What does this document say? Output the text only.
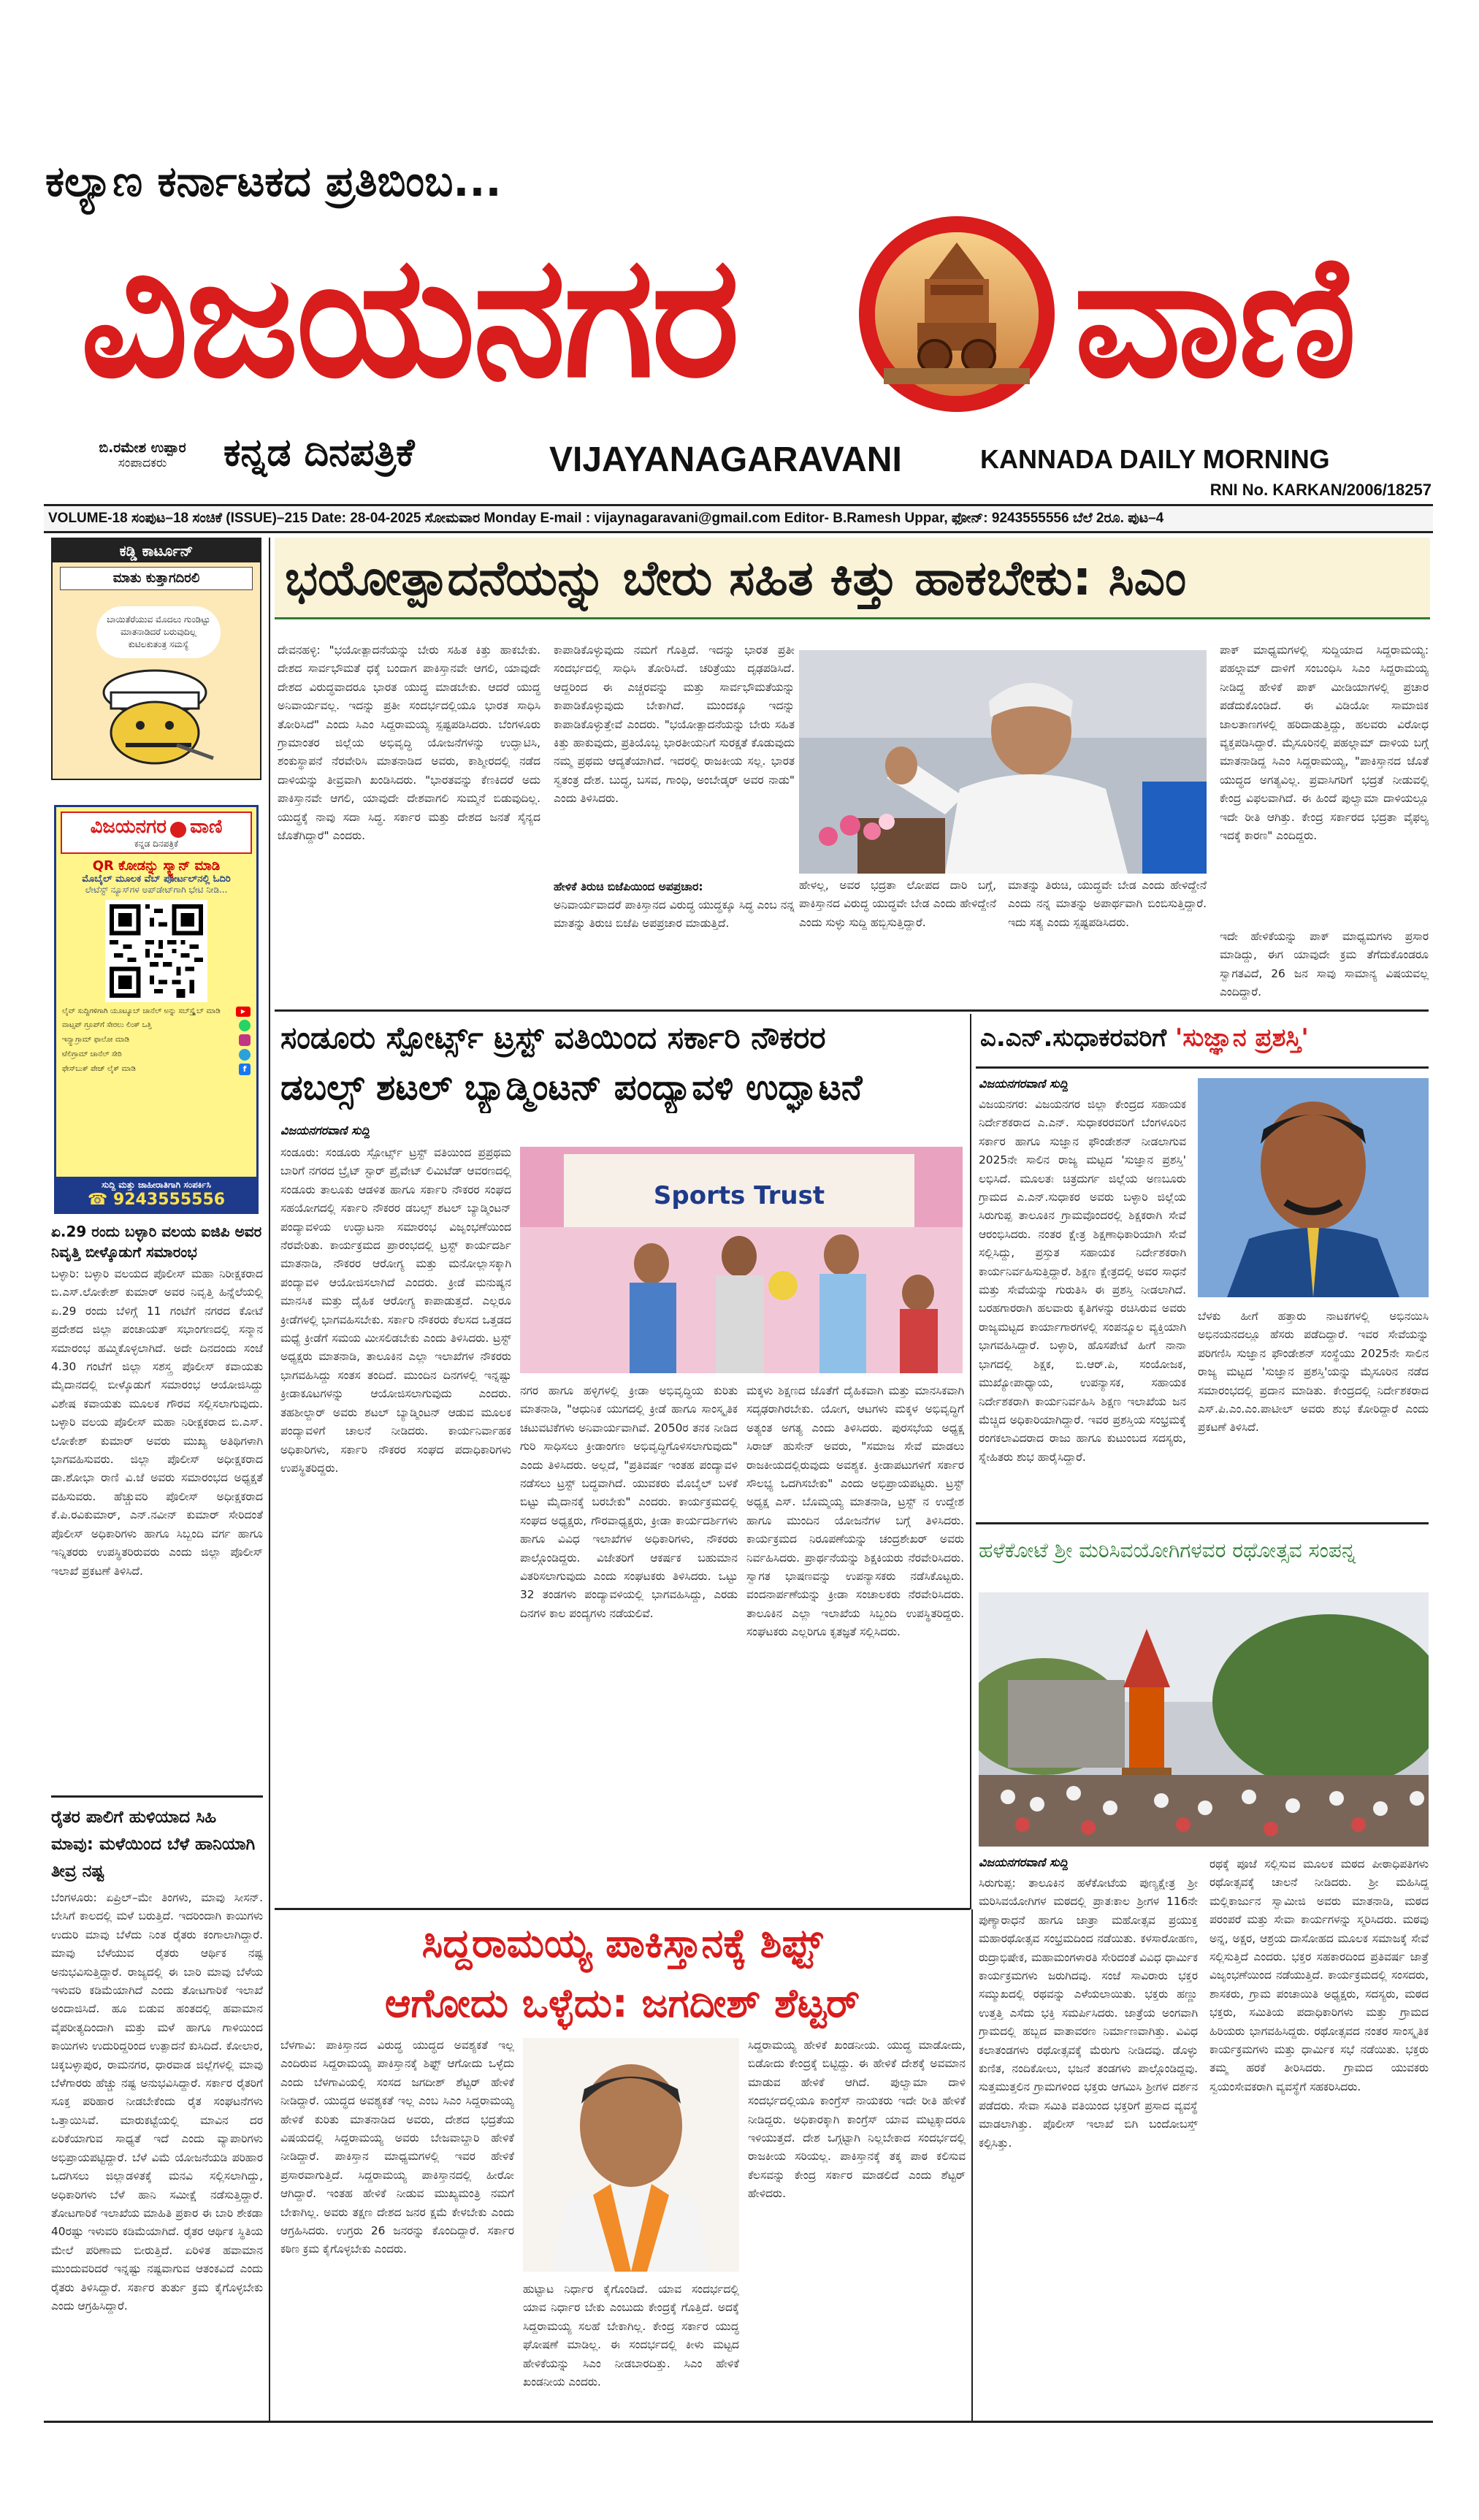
ಕಲ್ಯಾಣ ಕರ್ನಾಟಕದ ಪ್ರತಿಬಿಂಬ...
ವಿಜಯನಗರ ವಾಣಿ
ಬಿ.ರಮೇಶ ಉಪ್ಪಾರ
ಸಂಪಾದಕರು	ಕನ್ನಡ ದಿನಪತ್ರಿಕೆ	VIJAYANAGARAVANI	KANNADA DAILY MORNING
RNI No. KARKAN/2006/18257
VOLUME-18 ಸಂಪುಟ–18 ಸಂಚಿಕೆ (ISSUE)–215 Date: 28-04-2025 ಸೋಮವಾರ Monday E-mail : vijaynagaravani@gmail.com Editor- B.Ramesh Uppar, ಫೋನ್: 9243555556 ಬೆಲೆ 2ರೂ. ಪುಟ–4
ಕಡ್ಡಿ ಕಾರ್ಟೂನ್
ಮಾತು ಕುತ್ತಾಗದಿರಲಿ
ಬಾಯಿತೆರೆಯುವ ಮೊದಲು ಗುಂಡಿಟ್ಟು ಮಾತನಾಡಿದರೆ ಬರುವುದಿಲ್ಲ ಕುಟಿಲಕುತಂತ್ರ ಸಮಸ್ಯೆ
ವಿಜಯನಗರ ವಾಣಿ
ಕನ್ನಡ ದಿನಪತ್ರಿಕೆ
QR ಕೋಡನ್ನು ಸ್ಕ್ಯಾನ್ ಮಾಡಿ
ಮೊಬೈಲ್ ಮೂಲಕ ವೆಬ್ ಪೋರ್ಟಲ್‌ನಲ್ಲಿ ಓದಿರಿ
ಲೇಟೆಸ್ಟ್ ನ್ಯೂಸ್‌ಗಳ ಅಪ್‌ಡೇಟ್‌ಗಾಗಿ ಭೇಟಿ ನೀಡಿ...
ಲೈವ್ ಸುದ್ದಿಗಳಿಗಾಗಿ ಯೂಟ್ಯೂಬ್ ಚಾನೆಲ್ ಅನ್ನು ಸಬ್‌ಸ್ಕ್ರೈಬ್ ಮಾಡಿ	▶
ವಾಟ್ಸಪ್ ಗ್ರೂಪ್‌ಗೆ ಸೇರಲು ಲಿಂಕ್ ಒತ್ತಿ
ಇನ್ಸ್ಟಾಗ್ರಾಮ್ ಫಾಲೋ ಮಾಡಿ
ಟೆಲಿಗ್ರಾಮ್ ಚಾನೆಲ್ ಸೇರಿ
ಫೇಸ್‌ಬುಕ್ ಪೇಜ್ ಲೈಕ್ ಮಾಡಿ	f
ಸುದ್ದಿ ಮತ್ತು ಜಾಹೀರಾತಿಗಾಗಿ ಸಂಪರ್ಕಿಸಿ
☎ 9243555556
ಏ.29 ರಂದು ಬಳ್ಳಾರಿ ವಲಯ ಐಜಿಪಿ ಅವರ ನಿವೃತ್ತಿ ಬೀಳ್ಕೊಡುಗೆ ಸಮಾರಂಭ
ಬಳ್ಳಾರಿ: ಬಳ್ಳಾರಿ ವಲಯದ ಪೊಲೀಸ್ ಮಹಾ ನಿರೀಕ್ಷಕರಾದ ಬಿ.ಎಸ್.ಲೋಕೇಶ್ ಕುಮಾರ್ ಅವರ ನಿವೃತ್ತಿ ಹಿನ್ನೆಲೆಯಲ್ಲಿ ಏ.29 ರಂದು ಬೆಳಿಗ್ಗೆ 11 ಗಂಟೆಗೆ ನಗರದ ಕೋಟೆ ಪ್ರದೇಶದ ಜಿಲ್ಲಾ ಪಂಚಾಯತ್ ಸಭಾಂಗಣದಲ್ಲಿ ಸನ್ಮಾನ ಸಮಾರಂಭ ಹಮ್ಮಿಕೊಳ್ಳಲಾಗಿದೆ. ಅದೇ ದಿನದಂದು ಸಂಜೆ 4.30 ಗಂಟೆಗೆ ಜಿಲ್ಲಾ ಸಶಸ್ತ್ರ ಪೊಲೀಸ್ ಕವಾಯತು ಮೈದಾನದಲ್ಲಿ ಬೀಳ್ಕೊಡುಗೆ ಸಮಾರಂಭ ಆಯೋಜಿಸಿದ್ದು ವಿಶೇಷ ಕವಾಯತು ಮೂಲಕ ಗೌರವ ಸಲ್ಲಿಸಲಾಗುವುದು. ಬಳ್ಳಾರಿ ವಲಯ ಪೊಲೀಸ್ ಮಹಾ ನಿರೀಕ್ಷಕರಾದ ಬಿ.ಎಸ್. ಲೋಕೇಶ್ ಕುಮಾರ್ ಅವರು ಮುಖ್ಯ ಅತಿಥಿಗಳಾಗಿ ಭಾಗವಹಿಸುವರು. ಜಿಲ್ಲಾ ಪೊಲೀಸ್ ಅಧೀಕ್ಷಕರಾದ ಡಾ.ಶೋಭಾ ರಾಣಿ ವಿ.ಜೆ ಅವರು ಸಮಾರಂಭದ ಅಧ್ಯಕ್ಷತೆ ವಹಿಸುವರು. ಹೆಚ್ಚುವರಿ ಪೊಲೀಸ್ ಅಧೀಕ್ಷಕರಾದ ಕೆ.ಪಿ.ರವಿಕುಮಾರ್, ಎನ್.ನವೀನ್ ಕುಮಾರ್ ಸೇರಿದಂತೆ ಪೊಲೀಸ್ ಅಧಿಕಾರಿಗಳು ಹಾಗೂ ಸಿಬ್ಬಂದಿ ವರ್ಗ ಹಾಗೂ ಇನ್ನಿತರರು ಉಪಸ್ಥಿತರಿರುವರು ಎಂದು ಜಿಲ್ಲಾ ಪೊಲೀಸ್ ಇಲಾಖೆ ಪ್ರಕಟಣೆ ತಿಳಿಸಿದೆ.
ರೈತರ ಪಾಲಿಗೆ ಹುಳಿಯಾದ ಸಿಹಿ ಮಾವು: ಮಳೆಯಿಂದ ಬೆಳೆ ಹಾನಿಯಾಗಿ ತೀವ್ರ ನಷ್ಟ
ಬೆಂಗಳೂರು: ಏಪ್ರಿಲ್–ಮೇ ತಿಂಗಳು, ಮಾವು ಸೀಸನ್. ಬೇಸಿಗೆ ಕಾಲದಲ್ಲಿ ಮಳೆ ಬರುತ್ತಿದೆ. ಇದರಿಂದಾಗಿ ಕಾಯಿಗಳು ಉದುರಿ ಮಾವು ಬೆಳೆದು ನಿಂತ ರೈತರು ಕಂಗಾಲಾಗಿದ್ದಾರೆ. ಮಾವು ಬೆಳೆಯುವ ರೈತರು ಆರ್ಥಿಕ ನಷ್ಟ ಅನುಭವಿಸುತ್ತಿದ್ದಾರೆ. ರಾಜ್ಯದಲ್ಲಿ ಈ ಬಾರಿ ಮಾವು ಬೆಳೆಯ ಇಳುವರಿ ಕಡಿಮೆಯಾಗಿದೆ ಎಂದು ತೋಟಗಾರಿಕೆ ಇಲಾಖೆ ಅಂದಾಜಿಸಿದೆ. ಹೂ ಬಿಡುವ ಹಂತದಲ್ಲಿ ಹವಾಮಾನ ವೈಪರೀತ್ಯದಿಂದಾಗಿ ಮತ್ತು ಮಳೆ ಹಾಗೂ ಗಾಳಿಯಿಂದ ಕಾಯಿಗಳು ಉದುರಿದ್ದರಿಂದ ಉತ್ಪಾದನೆ ಕುಸಿದಿದೆ. ಕೋಲಾರ, ಚಿಕ್ಕಬಳ್ಳಾಪುರ, ರಾಮನಗರ, ಧಾರವಾಡ ಜಿಲ್ಲೆಗಳಲ್ಲಿ ಮಾವು ಬೆಳೆಗಾರರು ಹೆಚ್ಚು ನಷ್ಟ ಅನುಭವಿಸಿದ್ದಾರೆ. ಸರ್ಕಾರ ರೈತರಿಗೆ ಸೂಕ್ತ ಪರಿಹಾರ ನೀಡಬೇಕೆಂದು ರೈತ ಸಂಘಟನೆಗಳು ಒತ್ತಾಯಿಸಿವೆ. ಮಾರುಕಟ್ಟೆಯಲ್ಲಿ ಮಾವಿನ ದರ ಏರಿಕೆಯಾಗುವ ಸಾಧ್ಯತೆ ಇದೆ ಎಂದು ವ್ಯಾಪಾರಿಗಳು ಅಭಿಪ್ರಾಯಪಟ್ಟಿದ್ದಾರೆ. ಬೆಳೆ ವಿಮೆ ಯೋಜನೆಯಡಿ ಪರಿಹಾರ ಒದಗಿಸಲು ಜಿಲ್ಲಾಡಳಿತಕ್ಕೆ ಮನವಿ ಸಲ್ಲಿಸಲಾಗಿದ್ದು, ಅಧಿಕಾರಿಗಳು ಬೆಳೆ ಹಾನಿ ಸಮೀಕ್ಷೆ ನಡೆಸುತ್ತಿದ್ದಾರೆ. ತೋಟಗಾರಿಕೆ ಇಲಾಖೆಯ ಮಾಹಿತಿ ಪ್ರಕಾರ ಈ ಬಾರಿ ಶೇಕಡಾ 40ರಷ್ಟು ಇಳುವರಿ ಕಡಿಮೆಯಾಗಿದೆ. ರೈತರ ಆರ್ಥಿಕ ಸ್ಥಿತಿಯ ಮೇಲೆ ಪರಿಣಾಮ ಬೀರುತ್ತಿದೆ. ಏರಿಳಿತ ಹವಾಮಾನ ಮುಂದುವರಿದರೆ ಇನ್ನಷ್ಟು ನಷ್ಟವಾಗುವ ಆತಂಕವಿದೆ ಎಂದು ರೈತರು ತಿಳಿಸಿದ್ದಾರೆ. ಸರ್ಕಾರ ತುರ್ತು ಕ್ರಮ ಕೈಗೊಳ್ಳಬೇಕು ಎಂದು ಆಗ್ರಹಿಸಿದ್ದಾರೆ.
ಭಯೋತ್ಪಾದನೆಯನ್ನು ಬೇರು ಸಹಿತ ಕಿತ್ತು ಹಾಕಬೇಕು: ಸಿಎಂ
ದೇವನಹಳ್ಳಿ: "ಭಯೋತ್ಪಾದನೆಯನ್ನು ಬೇರು ಸಹಿತ ಕಿತ್ತು ಹಾಕಬೇಕು. ದೇಶದ ಸಾರ್ವಭೌಮತೆ ಧಕ್ಕೆ ಬಂದಾಗ ಪಾಕಿಸ್ತಾನವೇ ಆಗಲಿ, ಯಾವುದೇ ದೇಶದ ವಿರುದ್ಧವಾದರೂ ಭಾರತ ಯುದ್ಧ ಮಾಡಬೇಕು. ಆದರೆ ಯುದ್ಧ ಅನಿವಾರ್ಯವಲ್ಲ. ಇದನ್ನು ಪ್ರತೀ ಸಂದರ್ಭದಲ್ಲಿಯೂ ಭಾರತ ಸಾಧಿಸಿ ತೋರಿಸಿದೆ" ಎಂದು ಸಿಎಂ ಸಿದ್ದರಾಮಯ್ಯ ಸ್ಪಷ್ಟಪಡಿಸಿದರು. ಬೆಂಗಳೂರು ಗ್ರಾಮಾಂತರ ಜಿಲ್ಲೆಯ ಅಭಿವೃದ್ಧಿ ಯೋಜನೆಗಳನ್ನು ಉದ್ಘಾಟಿಸಿ, ಶಂಕುಸ್ಥಾಪನೆ ನೆರವೇರಿಸಿ ಮಾತನಾಡಿದ ಅವರು, ಕಾಶ್ಮೀರದಲ್ಲಿ ನಡೆದ ದಾಳಿಯನ್ನು ತೀವ್ರವಾಗಿ ಖಂಡಿಸಿದರು. "ಭಾರತವನ್ನು ಕೆಣಕಿದರೆ ಅದು ಪಾಕಿಸ್ತಾನವೇ ಆಗಲಿ, ಯಾವುದೇ ದೇಶವಾಗಲಿ ಸುಮ್ಮನೆ ಬಿಡುವುದಿಲ್ಲ. ಯುದ್ಧಕ್ಕೆ ನಾವು ಸದಾ ಸಿದ್ಧ. ಸರ್ಕಾರ ಮತ್ತು ದೇಶದ ಜನತೆ ಸೈನ್ಯದ ಜೊತೆಗಿದ್ದಾರೆ" ಎಂದರು.
ಕಾಪಾಡಿಕೊಳ್ಳುವುದು ನಮಗೆ ಗೊತ್ತಿದೆ. ಇದನ್ನು ಭಾರತ ಪ್ರತೀ ಸಂದರ್ಭದಲ್ಲಿ ಸಾಧಿಸಿ ತೋರಿಸಿದೆ. ಚರಿತ್ರೆಯು ದೃಢಪಡಿಸಿದೆ. ಆದ್ದರಿಂದ ಈ ಎಚ್ಚರವನ್ನು ಮತ್ತು ಸಾರ್ವಭೌಮತೆಯನ್ನು ಕಾಪಾಡಿಕೊಳ್ಳುವುದು ಬೇಕಾಗಿದೆ. ಮುಂದಕ್ಕೂ ಇದನ್ನು ಕಾಪಾಡಿಕೊಳ್ಳುತ್ತೇವೆ ಎಂದರು. "ಭಯೋತ್ಪಾದನೆಯನ್ನು ಬೇರು ಸಹಿತ ಕಿತ್ತು ಹಾಕುವುದು, ಪ್ರತಿಯೊಬ್ಬ ಭಾರತೀಯನಿಗೆ ಸುರಕ್ಷತೆ ಕೊಡುವುದು ನಮ್ಮ ಪ್ರಥಮ ಆದ್ಯತೆಯಾಗಿದೆ. ಇದರಲ್ಲಿ ರಾಜಕೀಯ ಸಲ್ಲ. ಭಾರತ ಸ್ವತಂತ್ರ ದೇಶ. ಬುದ್ಧ, ಬಸವ, ಗಾಂಧಿ, ಅಂಬೇಡ್ಕರ್ ಅವರ ನಾಡು" ಎಂದು ತಿಳಿಸಿದರು.
ಹೇಳಿಕೆ ತಿರುಚಿ ಬಿಜೆಪಿಯಿಂದ ಅಪಪ್ರಚಾರ:
ಅನಿವಾರ್ಯವಾದರೆ ಪಾಕಿಸ್ತಾನದ ವಿರುದ್ಧ ಯುದ್ಧಕ್ಕೂ ಸಿದ್ಧ ಎಂಬ ನನ್ನ ಮಾತನ್ನು ತಿರುಚಿ ಬಿಜೆಪಿ ಅಪಪ್ರಚಾರ ಮಾಡುತ್ತಿದೆ.
ಹೇಳಲ್ಲ, ಅವರ ಭದ್ರತಾ ಲೋಪದ ದಾರಿ ಬಗ್ಗೆ, ಪಾಕಿಸ್ತಾನದ ವಿರುದ್ಧ ಯುದ್ಧವೇ ಬೇಡ ಎಂದು ಹೇಳಿದ್ದೇನೆ ಎಂದು ಸುಳ್ಳು ಸುದ್ದಿ ಹಬ್ಬಿಸುತ್ತಿದ್ದಾರೆ.
ಮಾತನ್ನು ತಿರುಚಿ, ಯುದ್ಧವೇ ಬೇಡ ಎಂದು ಹೇಳಿದ್ದೇನೆ ಎಂದು ನನ್ನ ಮಾತನ್ನು ಅಪಾರ್ಥವಾಗಿ ಬಿಂಬಿಸುತ್ತಿದ್ದಾರೆ. ಇದು ಸತ್ಯ ಎಂದು ಸ್ಪಷ್ಟಪಡಿಸಿದರು.
ಪಾಕ್ ಮಾಧ್ಯಮಗಳಲ್ಲಿ ಸುದ್ದಿಯಾದ ಸಿದ್ದರಾಮಯ್ಯ: ಪಹಲ್ಗಾಮ್ ದಾಳಿಗೆ ಸಂಬಂಧಿಸಿ ಸಿಎಂ ಸಿದ್ದರಾಮಯ್ಯ ನೀಡಿದ್ದ ಹೇಳಿಕೆ ಪಾಕ್ ಮೀಡಿಯಾಗಳಲ್ಲಿ ಪ್ರಚಾರ ಪಡೆದುಕೊಂಡಿದೆ. ಈ ವಿಡಿಯೋ ಸಾಮಾಜಿಕ ಜಾಲತಾಣಗಳಲ್ಲಿ ಹರಿದಾಡುತ್ತಿದ್ದು, ಹಲವರು ವಿರೋಧ ವ್ಯಕ್ತಪಡಿಸಿದ್ದಾರೆ. ಮೈಸೂರಿನಲ್ಲಿ ಪಹಲ್ಗಾಮ್ ದಾಳಿಯ ಬಗ್ಗೆ ಮಾತನಾಡಿದ್ದ ಸಿಎಂ ಸಿದ್ದರಾಮಯ್ಯ, "ಪಾಕಿಸ್ತಾನದ ಜೊತೆ ಯುದ್ಧದ ಅಗತ್ಯವಿಲ್ಲ. ಪ್ರವಾಸಿಗರಿಗೆ ಭದ್ರತೆ ನೀಡುವಲ್ಲಿ ಕೇಂದ್ರ ವಿಫಲವಾಗಿದೆ. ಈ ಹಿಂದೆ ಪುಲ್ವಾಮಾ ದಾಳಿಯಲ್ಲೂ ಇದೇ ರೀತಿ ಆಗಿತ್ತು. ಕೇಂದ್ರ ಸರ್ಕಾರದ ಭದ್ರತಾ ವೈಫಲ್ಯ ಇದಕ್ಕೆ ಕಾರಣ" ಎಂದಿದ್ದರು.
ಇದೇ ಹೇಳಿಕೆಯನ್ನು ಪಾಕ್ ಮಾಧ್ಯಮಗಳು ಪ್ರಸಾರ ಮಾಡಿದ್ದು, ಈಗ ಯಾವುದೇ ಕ್ರಮ ತೆಗೆದುಕೊಂಡರೂ ಸ್ವಾಗತವಿದೆ, 26 ಜನ ಸಾವು ಸಾಮಾನ್ಯ ವಿಷಯವಲ್ಲ ಎಂದಿದ್ದಾರೆ.
ಸಂಡೂರು ಸ್ಪೋರ್ಟ್ಸ್ ಟ್ರಸ್ಟ್ ವತಿಯಿಂದ ಸರ್ಕಾರಿ ನೌಕರರ
ಡಬಲ್ಸ್ ಶಟಲ್ ಬ್ಯಾಡ್ಮಿಂಟನ್ ಪಂದ್ಯಾವಳಿ ಉದ್ಘಾಟನೆ
ವಿಜಯನಗರವಾಣಿ ಸುದ್ದಿ
ಸಂಡೂರು: ಸಂಡೂರು ಸ್ಪೋರ್ಟ್ಸ್ ಟ್ರಸ್ಟ್ ವತಿಯಿಂದ ಪ್ರಪ್ರಥಮ ಬಾರಿಗೆ ನಗರದ ಬ್ರೈಟ್ ಸ್ಟಾರ್ ಪ್ರೈವೇಟ್ ಲಿಮಿಟೆಡ್ ಆವರಣದಲ್ಲಿ ಸಂಡೂರು ತಾಲೂಕು ಆಡಳಿತ ಹಾಗೂ ಸರ್ಕಾರಿ ನೌಕರರ ಸಂಘದ ಸಹಯೋಗದಲ್ಲಿ ಸರ್ಕಾರಿ ನೌಕರರ ಡಬಲ್ಸ್ ಶಟಲ್ ಬ್ಯಾಡ್ಮಿಂಟನ್ ಪಂದ್ಯಾವಳಿಯ ಉದ್ಘಾಟನಾ ಸಮಾರಂಭ ವಿಜೃಂಭಣೆಯಿಂದ ನೆರವೇರಿತು. ಕಾರ್ಯಕ್ರಮದ ಪ್ರಾರಂಭದಲ್ಲಿ ಟ್ರಸ್ಟ್ ಕಾರ್ಯದರ್ಶಿ ಮಾತನಾಡಿ, ನೌಕರರ ಆರೋಗ್ಯ ಮತ್ತು ಮನೋಲ್ಲಾಸಕ್ಕಾಗಿ ಪಂದ್ಯಾವಳಿ ಆಯೋಜಿಸಲಾಗಿದೆ ಎಂದರು. ಕ್ರೀಡೆ ಮನುಷ್ಯನ ಮಾನಸಿಕ ಮತ್ತು ದೈಹಿಕ ಆರೋಗ್ಯ ಕಾಪಾಡುತ್ತದೆ. ಎಲ್ಲರೂ ಕ್ರೀಡೆಗಳಲ್ಲಿ ಭಾಗವಹಿಸಬೇಕು. ಸರ್ಕಾರಿ ನೌಕರರು ಕೆಲಸದ ಒತ್ತಡದ ಮಧ್ಯೆ ಕ್ರೀಡೆಗೆ ಸಮಯ ಮೀಸಲಿಡಬೇಕು ಎಂದು ತಿಳಿಸಿದರು. ಟ್ರಸ್ಟ್ ಅಧ್ಯಕ್ಷರು ಮಾತನಾಡಿ, ತಾಲೂಕಿನ ಎಲ್ಲಾ ಇಲಾಖೆಗಳ ನೌಕರರು ಭಾಗವಹಿಸಿದ್ದು ಸಂತಸ ತಂದಿದೆ. ಮುಂದಿನ ದಿನಗಳಲ್ಲಿ ಇನ್ನಷ್ಟು ಕ್ರೀಡಾಕೂಟಗಳನ್ನು ಆಯೋಜಿಸಲಾಗುವುದು ಎಂದರು. ತಹಶೀಲ್ದಾರ್ ಅವರು ಶಟಲ್ ಬ್ಯಾಡ್ಮಿಂಟನ್ ಆಡುವ ಮೂಲಕ ಪಂದ್ಯಾವಳಿಗೆ ಚಾಲನೆ ನೀಡಿದರು. ಕಾರ್ಯನಿರ್ವಾಹಕ ಅಧಿಕಾರಿಗಳು, ಸರ್ಕಾರಿ ನೌಕರರ ಸಂಘದ ಪದಾಧಿಕಾರಿಗಳು ಉಪಸ್ಥಿತರಿದ್ದರು.
Sports Trust
ನಗರ ಹಾಗೂ ಹಳ್ಳಿಗಳಲ್ಲಿ ಕ್ರೀಡಾ ಅಭಿವೃದ್ಧಿಯ ಕುರಿತು ಮಾತನಾಡಿ, "ಆಧುನಿಕ ಯುಗದಲ್ಲಿ ಕ್ರೀಡೆ ಹಾಗೂ ಸಾಂಸ್ಕೃತಿಕ ಚಟುವಟಿಕೆಗಳು ಅನಿವಾರ್ಯವಾಗಿವೆ. 2050ರ ತನಕ ನೀಡಿದ ಗುರಿ ಸಾಧಿಸಲು ಕ್ರೀಡಾಂಗಣ ಅಭಿವೃದ್ಧಿಗೊಳಿಸಲಾಗುವುದು" ಎಂದು ತಿಳಿಸಿದರು. ಅಲ್ಲದೆ, "ಪ್ರತಿವರ್ಷ ಇಂತಹ ಪಂದ್ಯಾವಳಿ ನಡೆಸಲು ಟ್ರಸ್ಟ್ ಬದ್ಧವಾಗಿದೆ. ಯುವಕರು ಮೊಬೈಲ್ ಬಳಕೆ ಬಿಟ್ಟು ಮೈದಾನಕ್ಕೆ ಬರಬೇಕು" ಎಂದರು. ಕಾರ್ಯಕ್ರಮದಲ್ಲಿ ಸಂಘದ ಅಧ್ಯಕ್ಷರು, ಗೌರವಾಧ್ಯಕ್ಷರು, ಕ್ರೀಡಾ ಕಾರ್ಯದರ್ಶಿಗಳು ಹಾಗೂ ವಿವಿಧ ಇಲಾಖೆಗಳ ಅಧಿಕಾರಿಗಳು, ನೌಕರರು ಪಾಲ್ಗೊಂಡಿದ್ದರು. ವಿಜೇತರಿಗೆ ಆಕರ್ಷಕ ಬಹುಮಾನ ವಿತರಿಸಲಾಗುವುದು ಎಂದು ಸಂಘಟಕರು ತಿಳಿಸಿದರು. ಒಟ್ಟು 32 ತಂಡಗಳು ಪಂದ್ಯಾವಳಿಯಲ್ಲಿ ಭಾಗವಹಿಸಿದ್ದು, ಎರಡು ದಿನಗಳ ಕಾಲ ಪಂದ್ಯಗಳು ನಡೆಯಲಿವೆ.
ಮಕ್ಕಳು ಶಿಕ್ಷಣದ ಜೊತೆಗೆ ದೈಹಿಕವಾಗಿ ಮತ್ತು ಮಾನಸಿಕವಾಗಿ ಸದೃಢರಾಗಿರಬೇಕು. ಯೋಗ, ಆಟಗಳು ಮಕ್ಕಳ ಅಭಿವೃದ್ಧಿಗೆ ಅತ್ಯಂತ ಅಗತ್ಯ ಎಂದು ತಿಳಿಸಿದರು. ಪುರಸಭೆಯ ಅಧ್ಯಕ್ಷ ಸಿರಾಜ್ ಹುಸೇನ್ ಅವರು, "ಸಮಾಜ ಸೇವೆ ಮಾಡಲು ರಾಜಕೀಯದಲ್ಲಿರುವುದು ಅವಶ್ಯಕ. ಕ್ರೀಡಾಪಟುಗಳಿಗೆ ಸರ್ಕಾರ ಸೌಲಭ್ಯ ಒದಗಿಸಬೇಕು" ಎಂದು ಅಭಿಪ್ರಾಯಪಟ್ಟರು. ಟ್ರಸ್ಟ್ ಅಧ್ಯಕ್ಷ ಎಸ್. ಬೊಮ್ಮಯ್ಯ ಮಾತನಾಡಿ, ಟ್ರಸ್ಟ್ ನ ಉದ್ದೇಶ ಹಾಗೂ ಮುಂದಿನ ಯೋಜನೆಗಳ ಬಗ್ಗೆ ತಿಳಿಸಿದರು. ಕಾರ್ಯಕ್ರಮದ ನಿರೂಪಣೆಯನ್ನು ಚಂದ್ರಶೇಖರ್ ಅವರು ನಿರ್ವಹಿಸಿದರು. ಪ್ರಾರ್ಥನೆಯನ್ನು ಶಿಕ್ಷಕಿಯರು ನೆರವೇರಿಸಿದರು. ಸ್ವಾಗತ ಭಾಷಣವನ್ನು ಉಪನ್ಯಾಸಕರು ನಡೆಸಿಕೊಟ್ಟರು. ವಂದನಾರ್ಪಣೆಯನ್ನು ಕ್ರೀಡಾ ಸಂಚಾಲಕರು ನೆರವೇರಿಸಿದರು. ತಾಲೂಕಿನ ಎಲ್ಲಾ ಇಲಾಖೆಯ ಸಿಬ್ಬಂದಿ ಉಪಸ್ಥಿತರಿದ್ದರು. ಸಂಘಟಕರು ಎಲ್ಲರಿಗೂ ಕೃತಜ್ಞತೆ ಸಲ್ಲಿಸಿದರು.
ಎ.ಎನ್.ಸುಧಾಕರವರಿಗೆ 'ಸುಜ್ಞಾನ ಪ್ರಶಸ್ತಿ'
ವಿಜಯನಗರವಾಣಿ ಸುದ್ದಿ
ವಿಜಯನಗರ: ವಿಜಯನಗರ ಜಿಲ್ಲಾ ಕೇಂದ್ರದ ಸಹಾಯಕ ನಿರ್ದೇಶಕರಾದ ಎ.ಎನ್. ಸುಧಾಕರರವರಿಗೆ ಬೆಂಗಳೂರಿನ ಸರ್ಕಾರ ಹಾಗೂ ಸುಜ್ಞಾನ ಫೌಂಡೇಶನ್ ನೀಡಲಾಗುವ 2025ನೇ ಸಾಲಿನ ರಾಜ್ಯ ಮಟ್ಟದ 'ಸುಜ್ಞಾನ ಪ್ರಶಸ್ತಿ' ಲಭಿಸಿದೆ. ಮೂಲತಃ ಚಿತ್ರದುರ್ಗ ಜಿಲ್ಲೆಯ ಅಣಬೂರು ಗ್ರಾಮದ ಎ.ಎನ್.ಸುಧಾಕರ ಅವರು ಬಳ್ಳಾರಿ ಜಿಲ್ಲೆಯ ಸಿರುಗುಪ್ಪ ತಾಲೂಕಿನ ಗ್ರಾಮವೊಂದರಲ್ಲಿ ಶಿಕ್ಷಕರಾಗಿ ಸೇವೆ ಆರಂಭಿಸಿದರು. ನಂತರ ಕ್ಷೇತ್ರ ಶಿಕ್ಷಣಾಧಿಕಾರಿಯಾಗಿ ಸೇವೆ ಸಲ್ಲಿಸಿದ್ದು, ಪ್ರಸ್ತುತ ಸಹಾಯಕ ನಿರ್ದೇಶಕರಾಗಿ ಕಾರ್ಯನಿರ್ವಹಿಸುತ್ತಿದ್ದಾರೆ. ಶಿಕ್ಷಣ ಕ್ಷೇತ್ರದಲ್ಲಿ ಅವರ ಸಾಧನೆ ಮತ್ತು ಸೇವೆಯನ್ನು ಗುರುತಿಸಿ ಈ ಪ್ರಶಸ್ತಿ ನೀಡಲಾಗಿದೆ. ಬರಹಗಾರರಾಗಿ ಹಲವಾರು ಕೃತಿಗಳನ್ನು ರಚಿಸಿರುವ ಅವರು ರಾಜ್ಯಮಟ್ಟದ ಕಾರ್ಯಾಗಾರಗಳಲ್ಲಿ ಸಂಪನ್ಮೂಲ ವ್ಯಕ್ತಿಯಾಗಿ ಭಾಗವಹಿಸಿದ್ದಾರೆ. ಬಳ್ಳಾರಿ, ಹೊಸಪೇಟೆ ಹೀಗೆ ನಾನಾ ಭಾಗದಲ್ಲಿ ಶಿಕ್ಷಕ, ಬಿ.ಆರ್.ಪಿ, ಸಂಯೋಜಕ, ಮುಖ್ಯೋಪಾಧ್ಯಾಯ, ಉಪನ್ಯಾಸಕ, ಸಹಾಯಕ ನಿರ್ದೇಶಕರಾಗಿ ಕಾರ್ಯನಿರ್ವಹಿಸಿ ಶಿಕ್ಷಣ ಇಲಾಖೆಯ ಜನ ಮೆಚ್ಚಿದ ಅಧಿಕಾರಿಯಾಗಿದ್ದಾರೆ. ಇವರ ಪ್ರಶಸ್ತಿಯ ಸಂಭ್ರಮಕ್ಕೆ ರಂಗಕಲಾವಿದರಾದ ರಾಜು ಹಾಗೂ ಕುಟುಂಬದ ಸದಸ್ಯರು, ಸ್ನೇಹಿತರು ಶುಭ ಹಾರೈಸಿದ್ದಾರೆ.
ಬೆಳಕು ಹೀಗೆ ಹತ್ತಾರು ನಾಟಕಗಳಲ್ಲಿ ಅಭಿನಯಿಸಿ ಅಭಿನಯನದಲ್ಲೂ ಹೆಸರು ಪಡೆದಿದ್ದಾರೆ. ಇವರ ಸೇವೆಯನ್ನು ಪರಿಗಣಿಸಿ ಸುಜ್ಞಾನ ಫೌಂಡೇಶನ್ ಸಂಸ್ಥೆಯು 2025ನೇ ಸಾಲಿನ ರಾಜ್ಯ ಮಟ್ಟದ 'ಸುಜ್ಞಾನ ಪ್ರಶಸ್ತಿ'ಯನ್ನು ಮೈಸೂರಿನ ನಡೆದ ಸಮಾರಂಭದಲ್ಲಿ ಪ್ರದಾನ ಮಾಡಿತು. ಕೇಂದ್ರದಲ್ಲಿ ನಿರ್ದೇಶಕರಾದ ಎಸ್.ಪಿ.ಎಂ.ಎಂ.ಪಾಟೀಲ್ ಅವರು ಶುಭ ಕೋರಿದ್ದಾರೆ ಎಂದು ಪ್ರಕಟಣೆ ತಿಳಿಸಿದೆ.
ಹಳೆಕೋಟೆ ಶ್ರೀ ಮರಿಸಿವಯೋಗಿಗಳವರ ರಥೋತ್ಸವ ಸಂಪನ್ನ
ವಿಜಯನಗರವಾಣಿ ಸುದ್ದಿ
ಸಿರುಗುಪ್ಪ: ತಾಲೂಕಿನ ಹಳೆಕೋಟೆಯ ಪುಣ್ಯಕ್ಷೇತ್ರ ಶ್ರೀ ಮರಿಸಿವಯೋಗಿಗಳ ಮಠದಲ್ಲಿ ಪ್ರಾತಃಕಾಲ ಶ್ರೀಗಳ 116ನೇ ಪುಣ್ಯಾರಾಧನೆ ಹಾಗೂ ಜಾತ್ರಾ ಮಹೋತ್ಸವ ಪ್ರಯುಕ್ತ ಮಹಾರಥೋತ್ಸವ ಸಂಭ್ರಮದಿಂದ ನಡೆಯಿತು. ಕಳಸಾರೋಹಣ, ರುದ್ರಾಭಿಷೇಕ, ಮಹಾಮಂಗಳಾರತಿ ಸೇರಿದಂತೆ ವಿವಿಧ ಧಾರ್ಮಿಕ ಕಾರ್ಯಕ್ರಮಗಳು ಜರುಗಿದವು. ಸಂಜೆ ಸಾವಿರಾರು ಭಕ್ತರ ಸಮ್ಮುಖದಲ್ಲಿ ರಥವನ್ನು ಎಳೆಯಲಾಯಿತು. ಭಕ್ತರು ಹಣ್ಣು ಉತ್ತತ್ತಿ ಎಸೆದು ಭಕ್ತಿ ಸಮರ್ಪಿಸಿದರು. ಜಾತ್ರೆಯ ಅಂಗವಾಗಿ ಗ್ರಾಮದಲ್ಲಿ ಹಬ್ಬದ ವಾತಾವರಣ ನಿರ್ಮಾಣವಾಗಿತ್ತು. ವಿವಿಧ ಕಲಾತಂಡಗಳು ರಥೋತ್ಸವಕ್ಕೆ ಮೆರುಗು ನೀಡಿದವು. ಡೊಳ್ಳು ಕುಣಿತ, ನಂದಿಕೋಲು, ಭಜನೆ ತಂಡಗಳು ಪಾಲ್ಗೊಂಡಿದ್ದವು. ಸುತ್ತಮುತ್ತಲಿನ ಗ್ರಾಮಗಳಿಂದ ಭಕ್ತರು ಆಗಮಿಸಿ ಶ್ರೀಗಳ ದರ್ಶನ ಪಡೆದರು. ಸೇವಾ ಸಮಿತಿ ವತಿಯಿಂದ ಭಕ್ತರಿಗೆ ಪ್ರಸಾದ ವ್ಯವಸ್ಥೆ ಮಾಡಲಾಗಿತ್ತು. ಪೊಲೀಸ್ ಇಲಾಖೆ ಬಿಗಿ ಬಂದೋಬಸ್ತ್ ಕಲ್ಪಿಸಿತ್ತು.
ರಥಕ್ಕೆ ಪೂಜೆ ಸಲ್ಲಿಸುವ ಮೂಲಕ ಮಠದ ಪೀಠಾಧಿಪತಿಗಳು ರಥೋತ್ಸವಕ್ಕೆ ಚಾಲನೆ ನೀಡಿದರು. ಶ್ರೀ ಮಹಿಸಿದ್ದ ಮಲ್ಲಿಕಾರ್ಜುನ ಸ್ವಾಮೀಜಿ ಅವರು ಮಾತನಾಡಿ, ಮಠದ ಪರಂಪರೆ ಮತ್ತು ಸೇವಾ ಕಾರ್ಯಗಳನ್ನು ಸ್ಮರಿಸಿದರು. ಮಠವು ಅನ್ನ, ಅಕ್ಷರ, ಆಶ್ರಯ ದಾಸೋಹದ ಮೂಲಕ ಸಮಾಜಕ್ಕೆ ಸೇವೆ ಸಲ್ಲಿಸುತ್ತಿದೆ ಎಂದರು. ಭಕ್ತರ ಸಹಕಾರದಿಂದ ಪ್ರತಿವರ್ಷ ಜಾತ್ರೆ ವಿಜೃಂಭಣೆಯಿಂದ ನಡೆಯುತ್ತಿದೆ. ಕಾರ್ಯಕ್ರಮದಲ್ಲಿ ಸಂಸದರು, ಶಾಸಕರು, ಗ್ರಾಮ ಪಂಚಾಯಿತಿ ಅಧ್ಯಕ್ಷರು, ಸದಸ್ಯರು, ಮಠದ ಭಕ್ತರು, ಸಮಿತಿಯ ಪದಾಧಿಕಾರಿಗಳು ಮತ್ತು ಗ್ರಾಮದ ಹಿರಿಯರು ಭಾಗವಹಿಸಿದ್ದರು. ರಥೋತ್ಸವದ ನಂತರ ಸಾಂಸ್ಕೃತಿಕ ಕಾರ್ಯಕ್ರಮಗಳು ಮತ್ತು ಧಾರ್ಮಿಕ ಸಭೆ ನಡೆಯಿತು. ಭಕ್ತರು ತಮ್ಮ ಹರಕೆ ತೀರಿಸಿದರು. ಗ್ರಾಮದ ಯುವಕರು ಸ್ವಯಂಸೇವಕರಾಗಿ ವ್ಯವಸ್ಥೆಗೆ ಸಹಕರಿಸಿದರು.
ಸಿದ್ದರಾಮಯ್ಯ ಪಾಕಿಸ್ತಾನಕ್ಕೆ ಶಿಫ್ಟ್
ಆಗೋದು ಒಳ್ಳೆದು: ಜಗದೀಶ್ ಶೆಟ್ಟರ್
ಬೆಳಗಾವಿ: ಪಾಕಿಸ್ತಾನದ ವಿರುದ್ಧ ಯುದ್ಧದ ಅವಶ್ಯಕತೆ ಇಲ್ಲ ಎಂದಿರುವ ಸಿದ್ದರಾಮಯ್ಯ ಪಾಕಿಸ್ತಾನಕ್ಕೆ ಶಿಫ್ಟ್ ಆಗೋದು ಒಳ್ಳೆದು ಎಂದು ಬೆಳಗಾವಿಯಲ್ಲಿ ಸಂಸದ ಜಗದೀಶ್ ಶೆಟ್ಟರ್ ಹೇಳಿಕೆ ನೀಡಿದ್ದಾರೆ. ಯುದ್ಧದ ಅವಶ್ಯಕತೆ ಇಲ್ಲ ಎಂಬ ಸಿಎಂ ಸಿದ್ದರಾಮಯ್ಯ ಹೇಳಿಕೆ ಕುರಿತು ಮಾತನಾಡಿದ ಅವರು, ದೇಶದ ಭದ್ರತೆಯ ವಿಷಯದಲ್ಲಿ ಸಿದ್ದರಾಮಯ್ಯ ಅವರು ಬೇಜವಾಬ್ದಾರಿ ಹೇಳಿಕೆ ನೀಡಿದ್ದಾರೆ. ಪಾಕಿಸ್ತಾನ ಮಾಧ್ಯಮಗಳಲ್ಲಿ ಇವರ ಹೇಳಿಕೆ ಪ್ರಸಾರವಾಗುತ್ತಿದೆ. ಸಿದ್ದರಾಮಯ್ಯ ಪಾಕಿಸ್ತಾನದಲ್ಲಿ ಹೀರೋ ಆಗಿದ್ದಾರೆ. ಇಂತಹ ಹೇಳಿಕೆ ನೀಡುವ ಮುಖ್ಯಮಂತ್ರಿ ನಮಗೆ ಬೇಕಾಗಿಲ್ಲ. ಅವರು ತಕ್ಷಣ ದೇಶದ ಜನರ ಕ್ಷಮೆ ಕೇಳಬೇಕು ಎಂದು ಆಗ್ರಹಿಸಿದರು. ಉಗ್ರರು 26 ಜನರನ್ನು ಕೊಂದಿದ್ದಾರೆ. ಸರ್ಕಾರ ಕಠಿಣ ಕ್ರಮ ಕೈಗೊಳ್ಳಬೇಕು ಎಂದರು.
ಹುಟ್ಟಾಟ ನಿರ್ಧಾರ ಕೈಗೊಂಡಿದೆ. ಯಾವ ಸಂದರ್ಭದಲ್ಲಿ ಯಾವ ನಿರ್ಧಾರ ಬೇಕು ಎಂಬುದು ಕೇಂದ್ರಕ್ಕೆ ಗೊತ್ತಿದೆ. ಅದಕ್ಕೆ ಸಿದ್ದರಾಮಯ್ಯ ಸಲಹೆ ಬೇಕಾಗಿಲ್ಲ. ಕೇಂದ್ರ ಸರ್ಕಾರ ಯುದ್ಧ ಘೋಷಣೆ ಮಾಡಿಲ್ಲ. ಈ ಸಂದರ್ಭದಲ್ಲಿ ಕೀಳು ಮಟ್ಟದ ಹೇಳಿಕೆಯನ್ನು ಸಿಎಂ ನೀಡಬಾರದಿತ್ತು. ಸಿಎಂ ಹೇಳಿಕೆ ಖಂಡನೀಯ ಎಂದರು.
ಸಿದ್ದರಾಮಯ್ಯ ಹೇಳಿಕೆ ಖಂಡನೀಯ. ಯುದ್ಧ ಮಾಡೋದು, ಬಿಡೋದು ಕೇಂದ್ರಕ್ಕೆ ಬಿಟ್ಟಿದ್ದು. ಈ ಹೇಳಿಕೆ ದೇಶಕ್ಕೆ ಅವಮಾನ ಮಾಡುವ ಹೇಳಿಕೆ ಆಗಿದೆ. ಪುಲ್ವಾಮಾ ದಾಳಿ ಸಂದರ್ಭದಲ್ಲಿಯೂ ಕಾಂಗ್ರೆಸ್ ನಾಯಕರು ಇದೇ ರೀತಿ ಹೇಳಿಕೆ ನೀಡಿದ್ದರು. ಅಧಿಕಾರಕ್ಕಾಗಿ ಕಾಂಗ್ರೆಸ್ ಯಾವ ಮಟ್ಟಕ್ಕಾದರೂ ಇಳಿಯುತ್ತದೆ. ದೇಶ ಒಗ್ಗಟ್ಟಾಗಿ ನಿಲ್ಲಬೇಕಾದ ಸಂದರ್ಭದಲ್ಲಿ ರಾಜಕೀಯ ಸರಿಯಲ್ಲ. ಪಾಕಿಸ್ತಾನಕ್ಕೆ ತಕ್ಕ ಪಾಠ ಕಲಿಸುವ ಕೆಲಸವನ್ನು ಕೇಂದ್ರ ಸರ್ಕಾರ ಮಾಡಲಿದೆ ಎಂದು ಶೆಟ್ಟರ್ ಹೇಳಿದರು.
